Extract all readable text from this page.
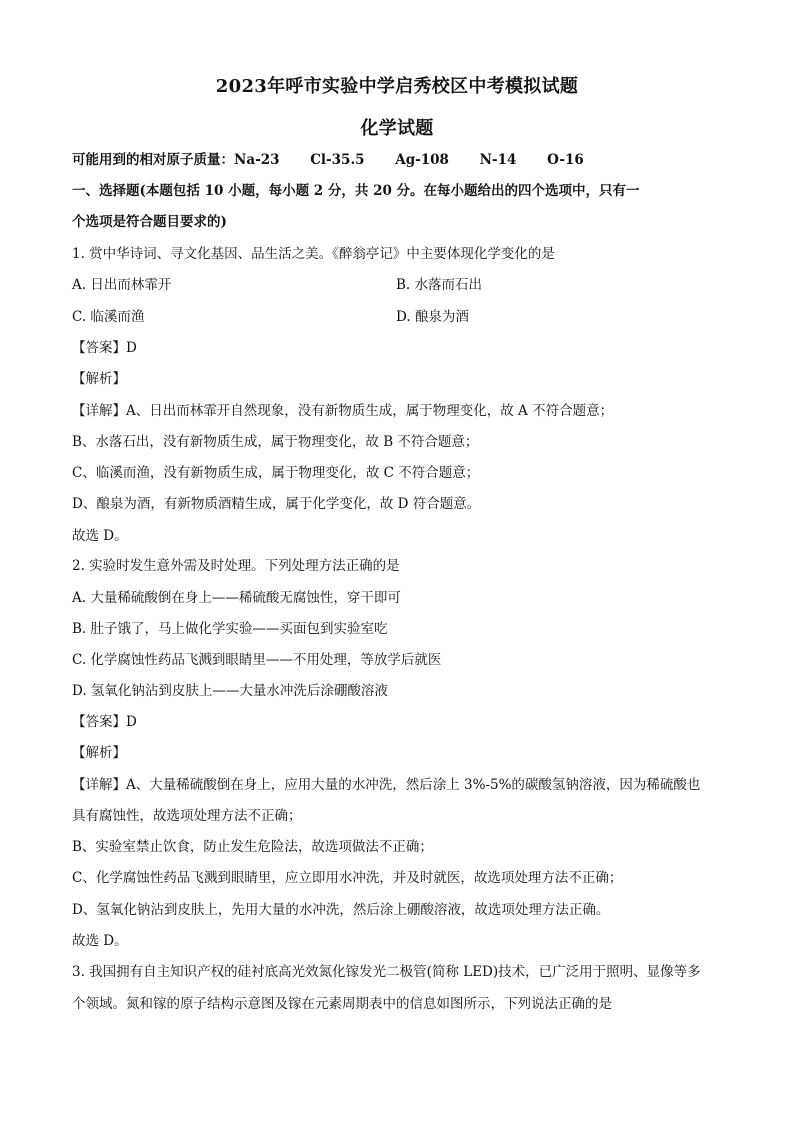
2023年呼市实验中学启秀校区中考模拟试题
化学试题
可能用到的相对原子质量：Na-23 Cl-35.5 Ag-108 N-14 O-16
一、选择题(本题包括 10 小题，每小题 2 分，共 20 分。在每小题给出的四个选项中，只有一
个选项是符合题目要求的)
1. 赏中华诗词、寻文化基因、品生活之美。《醉翁亭记》中主要体现化学变化的是
A. 日出而林霏开	B. 水落而石出
C. 临溪而渔	D. 酿泉为酒
【答案】D
【解析】
【详解】A、日出而林霏开自然现象，没有新物质生成，属于物理变化，故 A 不符合题意；
B、水落石出，没有新物质生成，属于物理变化，故 B 不符合题意；
C、临溪而渔，没有新物质生成，属于物理变化，故 C 不符合题意；
D、酿泉为酒，有新物质酒精生成，属于化学变化，故 D 符合题意。
故选 D。
2. 实验时发生意外需及时处理。下列处理方法正确的是
A. 大量稀硫酸倒在身上——稀硫酸无腐蚀性，穿干即可
B. 肚子饿了，马上做化学实验——买面包到实验室吃
C. 化学腐蚀性药品飞溅到眼睛里——不用处理，等放学后就医
D. 氢氧化钠沾到皮肤上——大量水冲洗后涂硼酸溶液
【答案】D
【解析】
【详解】A、大量稀硫酸倒在身上，应用大量的水冲洗，然后涂上 3%-5%的碳酸氢钠溶液，因为稀硫酸也
具有腐蚀性，故选项处理方法不正确；
B、实验室禁止饮食，防止发生危险法，故选项做法不正确；
C、化学腐蚀性药品飞溅到眼睛里，应立即用水冲洗，并及时就医，故选项处理方法不正确；
D、氢氧化钠沾到皮肤上，先用大量的水冲洗，然后涂上硼酸溶液，故选项处理方法正确。
故选 D。
3. 我国拥有自主知识产权的硅衬底高光效氮化镓发光二极管(简称 LED)技术，已广泛用于照明、显像等多
个领域。氮和镓的原子结构示意图及镓在元素周期表中的信息如图所示，下列说法正确的是
